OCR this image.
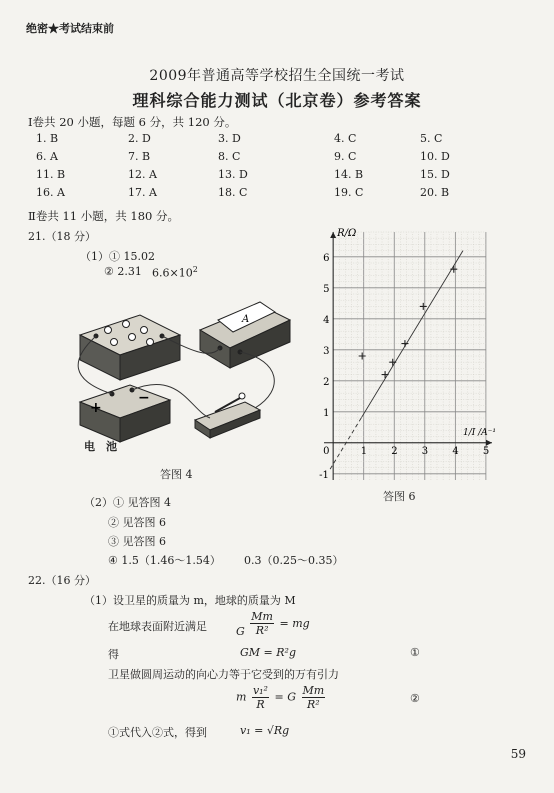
绝密★考试结束前
2009年普通高等学校招生全国统一考试
理科综合能力测试（北京卷）参考答案
Ⅰ卷共 20 小题，每题 6 分，共 120 分。
1. B	2. D	3. D	4. C	5. C
6. A	7. B	8. C	9. C	10. D
11. B	12. A	13. D	14. B	15. D
16. A	17. A	18. C	19. C	20. B
Ⅱ卷共 11 小题，共 180 分。
21.（18 分）
（1）① 15.02
② 2.31 $6.6\times 10^2$
A
+
−
电　池
答图 4
1 2 3 4 5
-1
1
2
3
4
5
6
0
R/Ω
1/I /A⁻¹
答图 6
（2）① 见答图 4
② 见答图 6
③ 见答图 6
④ 1.5（1.46～1.54） 0.3（0.25～0.35）
22.（16 分）
（1）设卫星的质量为 m，地球的质量为 M
在地球表面附近满足	G $\frac{Mm}{\text{R²}}$ = mg
得	GM = R²g	①
卫星做圆周运动的向心力等于它受到的万有引力
m $\frac{\text{v₁²}}{R} = G \frac{Mm}{\text{R²}}$	②
①式代入②式，得到	v₁ = √Rg
59
